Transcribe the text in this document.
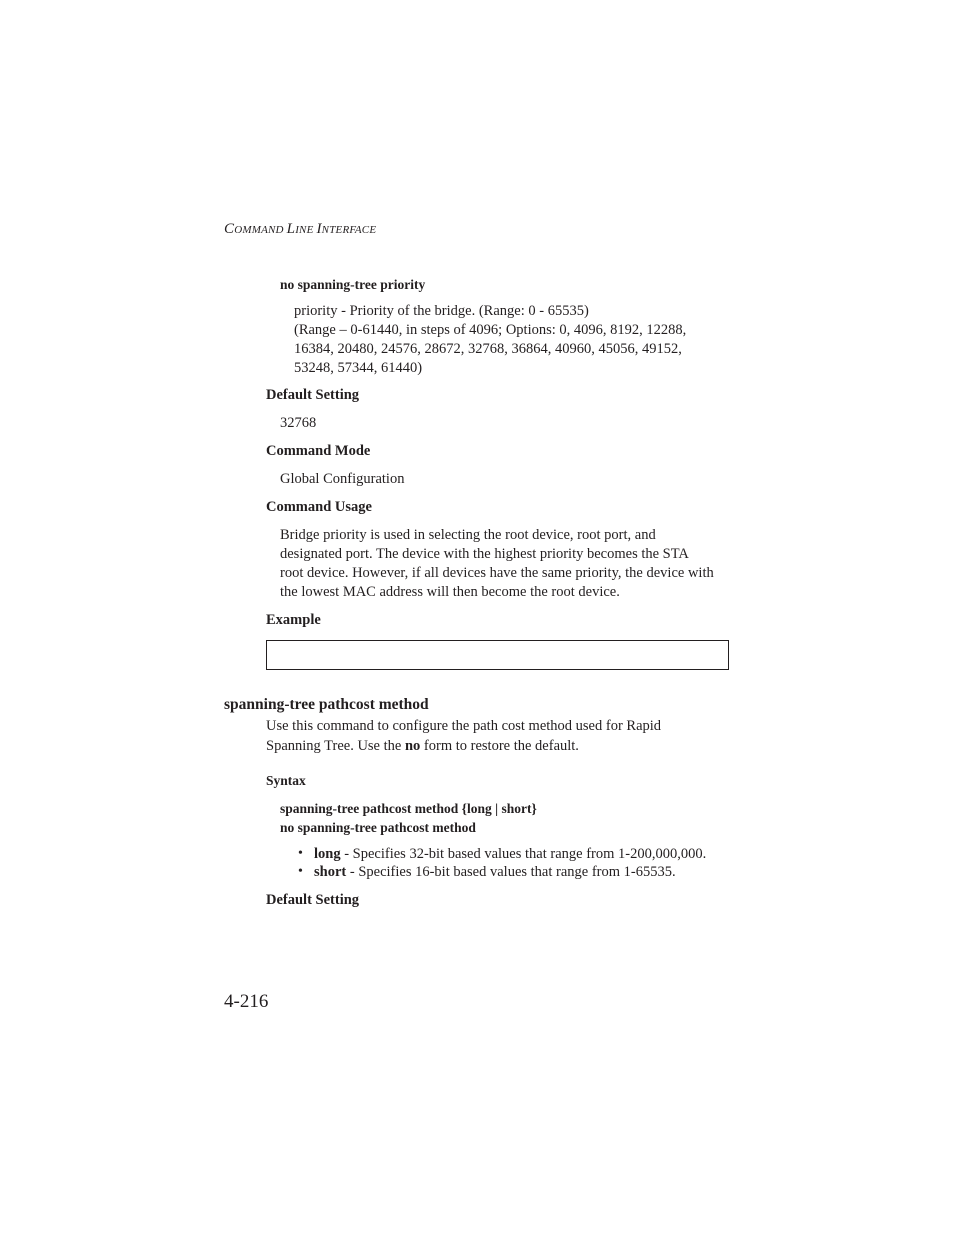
COMMAND LINE INTERFACE
no spanning-tree priority
priority - Priority of the bridge. (Range: 0 - 65535)
(Range – 0-61440, in steps of 4096; Options: 0, 4096, 8192, 12288,
16384, 20480, 24576, 28672, 32768, 36864, 40960, 45056, 49152,
53248, 57344, 61440)
Default Setting
32768
Command Mode
Global Configuration
Command Usage
Bridge priority is used in selecting the root device, root port, and
designated port. The device with the highest priority becomes the STA
root device. However, if all devices have the same priority, the device with
the lowest MAC address will then become the root device.
Example
spanning-tree pathcost method
Use this command to configure the path cost method used for Rapid
Spanning Tree. Use the no form to restore the default.
Syntax
spanning-tree pathcost method {long | short}
no spanning-tree pathcost method
• long - Specifies 32-bit based values that range from 1-200,000,000.
• short - Specifies 16-bit based values that range from 1-65535.
Default Setting
4-216
